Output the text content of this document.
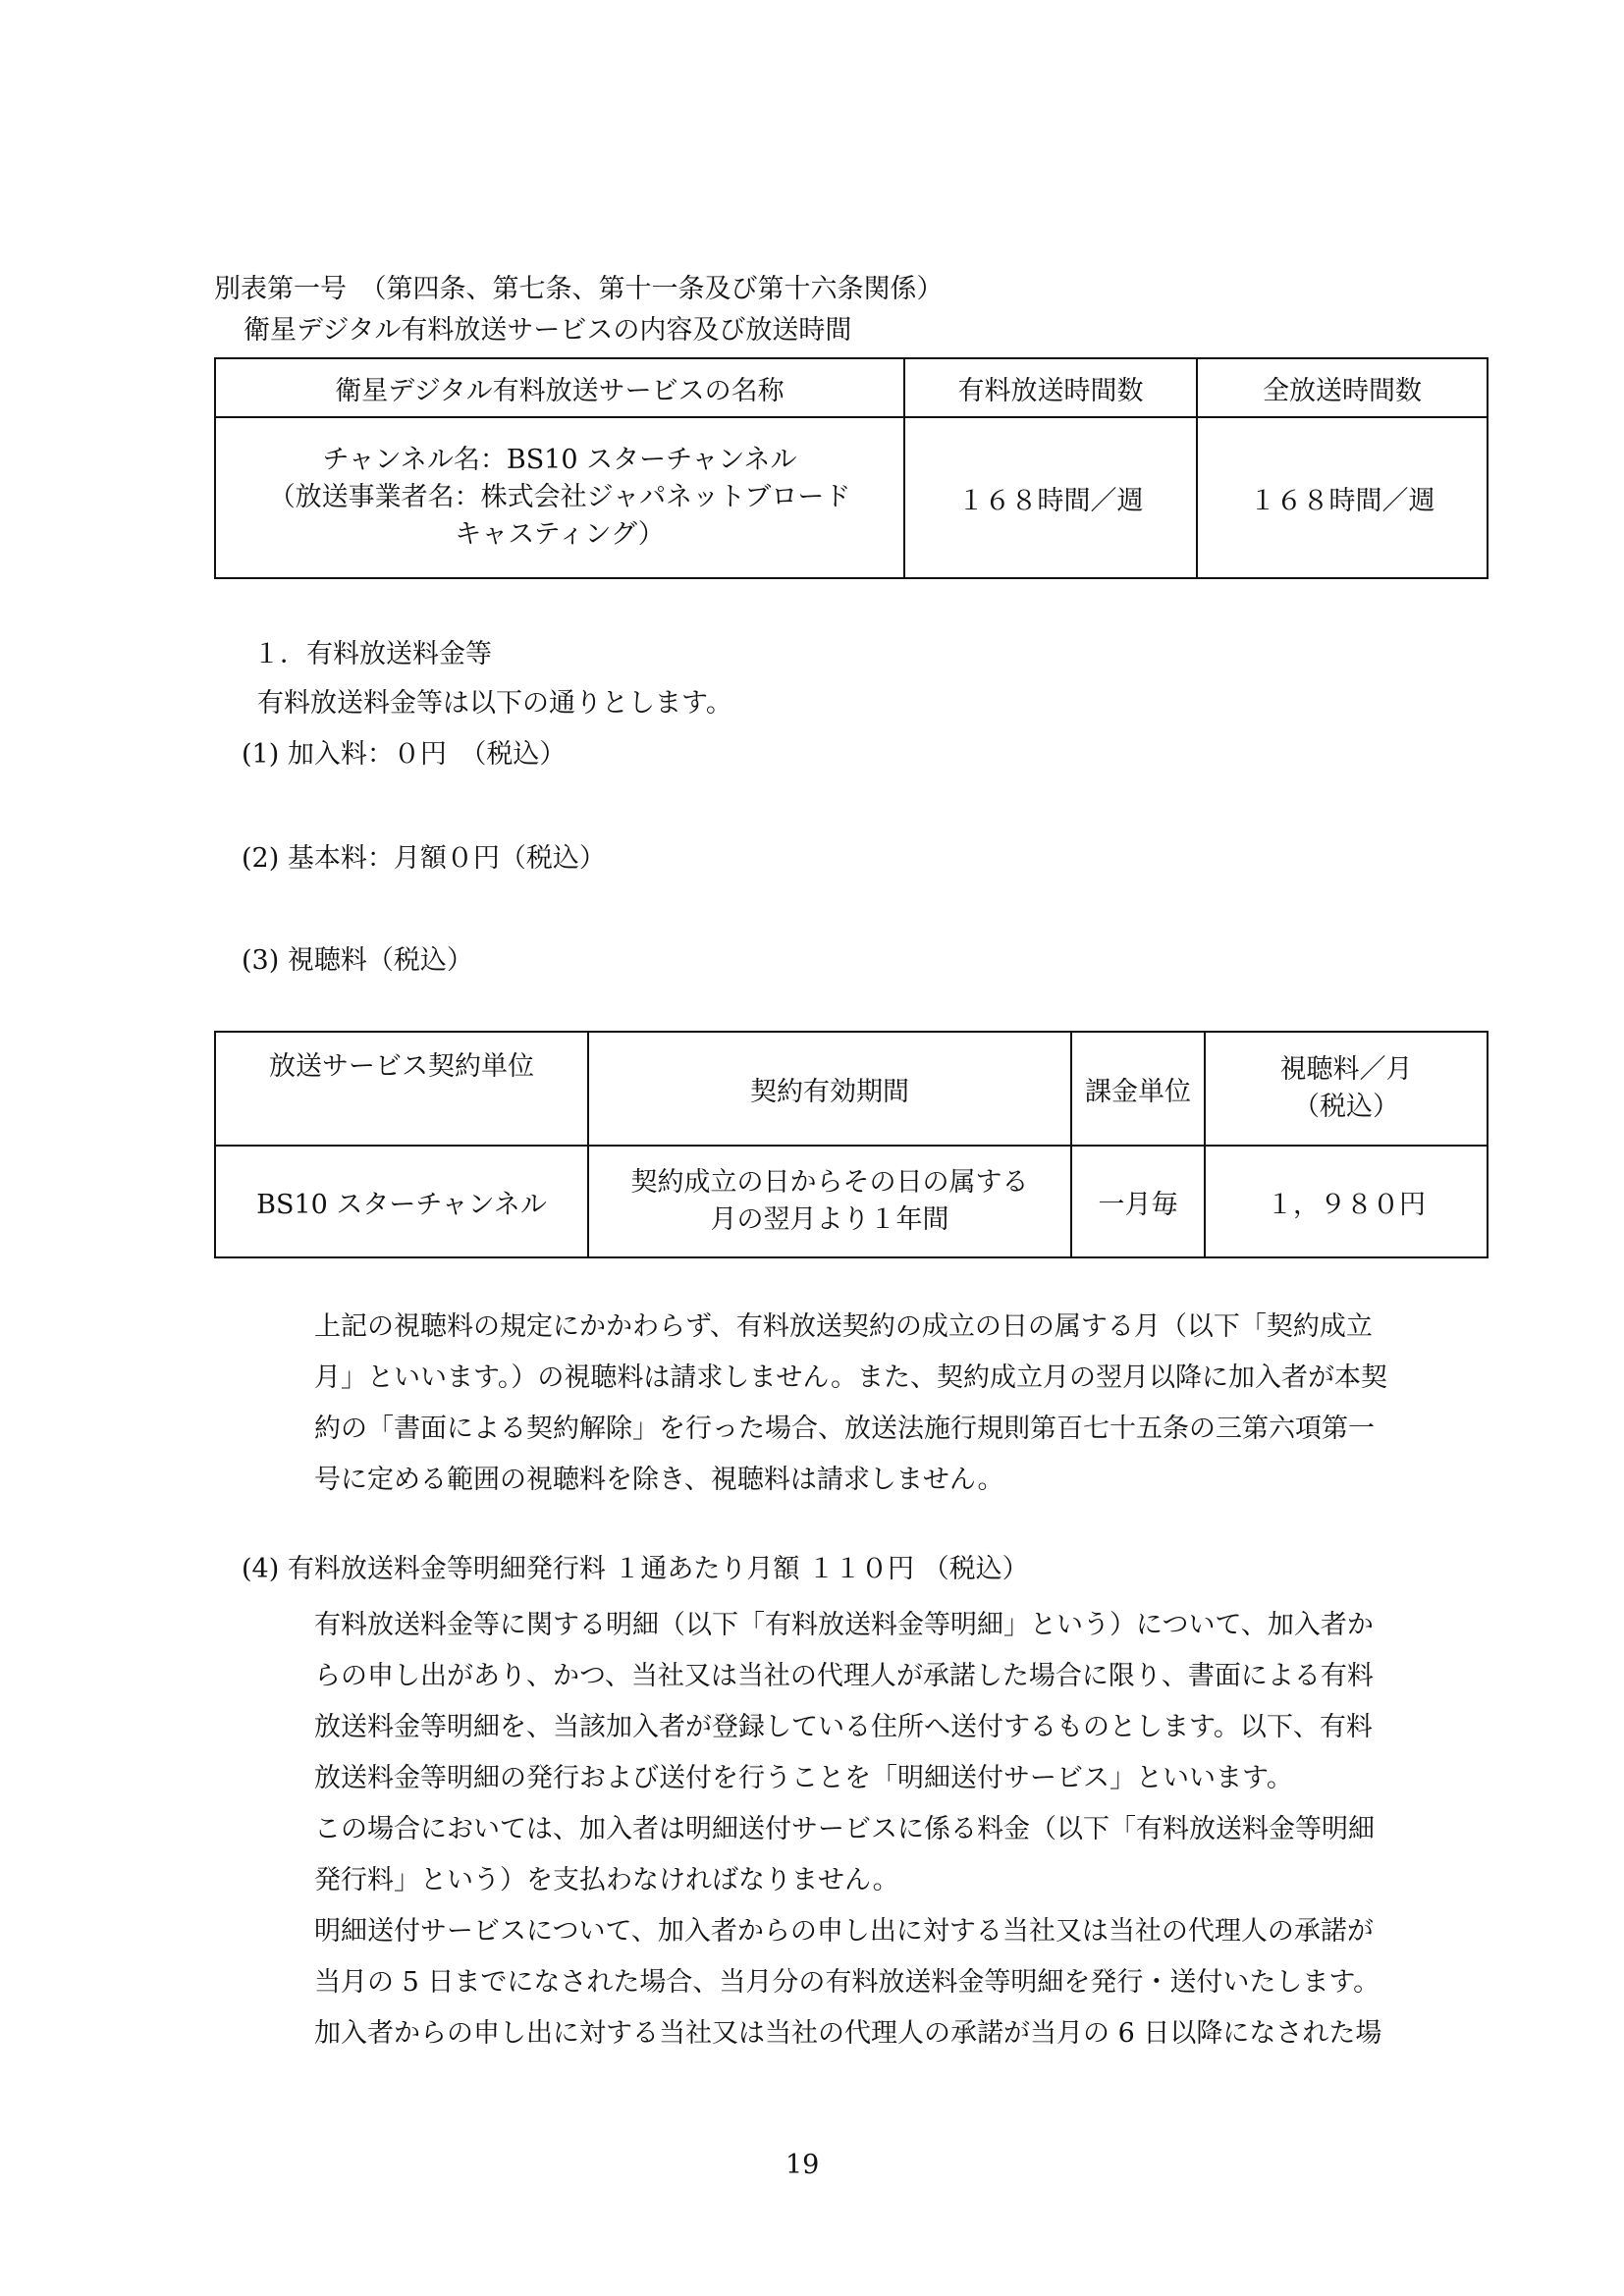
別表第一号　（第四条、第七条、第十一条及び第十六条関係）
衛星デジタル有料放送サービスの内容及び放送時間
衛星デジタル有料放送サービスの名称	有料放送時間数	全放送時間数

チャンネル名：BS10 スターチャンネル
（放送事業者名：株式会社ジャパネットブロード
キャスティング）	１６８時間／週	１６８時間／週
１．有料放送料金等
有料放送料金等は以下の通りとします。
(1) 加入料：０円　（税込）
(2) 基本料：月額０円（税込）
(3) 視聴料（税込）
放送サービス契約単位	契約有効期間	課金単位	視聴料／月
（税込）

BS10 スターチャンネル	契約成立の日からその日の属する
月の翌月より１年間	一月毎	１，９８０円
上記の視聴料の規定にかかわらず、有料放送契約の成立の日の属する月（以下「契約成立
月」といいます。）の視聴料は請求しません。また、契約成立月の翌月以降に加入者が本契
約の「書面による契約解除」を行った場合、放送法施行規則第百七十五条の三第六項第一
号に定める範囲の視聴料を除き、視聴料は請求しません。
(4) 有料放送料金等明細発行料 １通あたり月額 １１０円 （税込）
有料放送料金等に関する明細（以下「有料放送料金等明細」という）について、加入者か
らの申し出があり、かつ、当社又は当社の代理人が承諾した場合に限り、書面による有料
放送料金等明細を、当該加入者が登録している住所へ送付するものとします。以下、有料
放送料金等明細の発行および送付を行うことを「明細送付サービス」といいます。
この場合においては、加入者は明細送付サービスに係る料金（以下「有料放送料金等明細
発行料」という）を支払わなければなりません。
明細送付サービスについて、加入者からの申し出に対する当社又は当社の代理人の承諾が
当月の 5 日までになされた場合、当月分の有料放送料金等明細を発行・送付いたします。
加入者からの申し出に対する当社又は当社の代理人の承諾が当月の 6 日以降になされた場
19
